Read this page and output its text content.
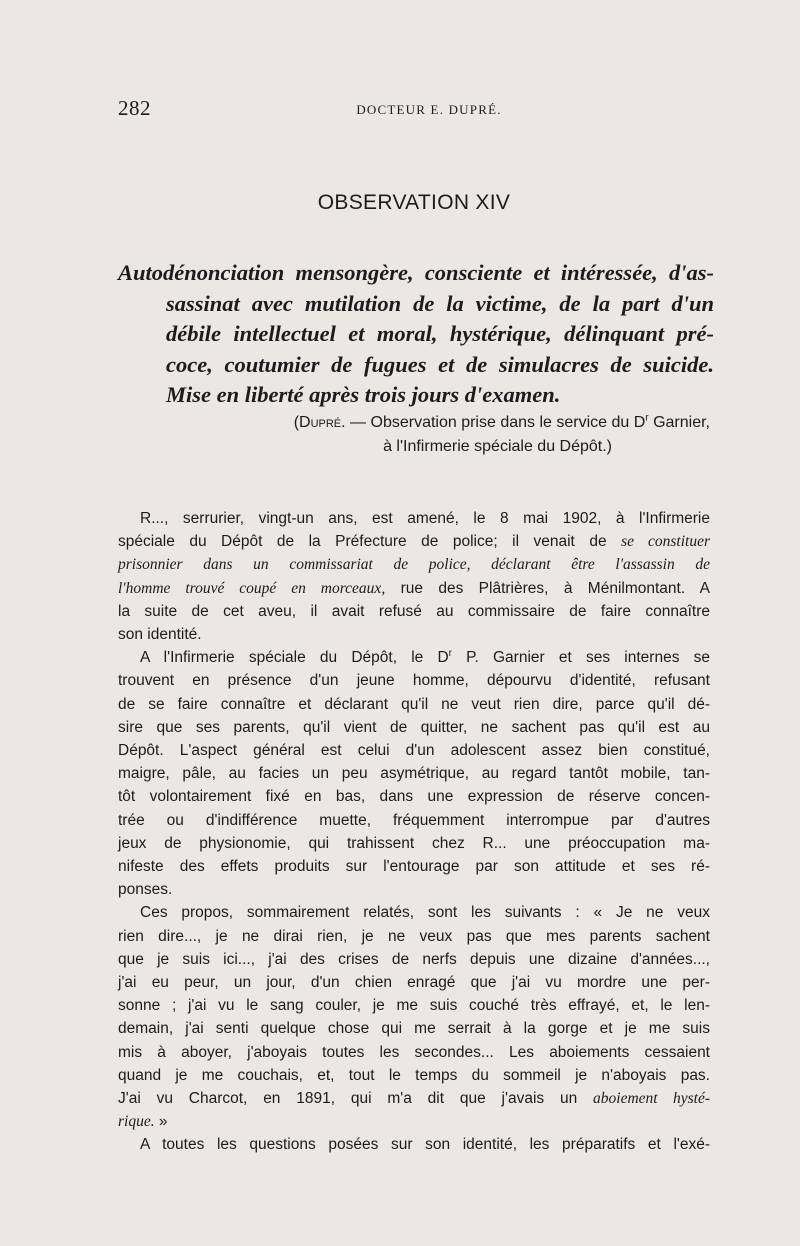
282	DOCTEUR E. DUPRÉ.
OBSERVATION XIV
Autodénonciation mensongère, consciente et intéressée, d'as-
sassinat avec mutilation de la victime, de la part d'un
débile intellectuel et moral, hystérique, délinquant pré-
coce, coutumier de fugues et de simulacres de suicide.
Mise en liberté après trois jours d'examen.
(Dupré. — Observation prise dans le service du $D^r$ Garnier,
à l'Infirmerie spéciale du Dépôt.)
R..., serrurier, vingt-un ans, est amené, le 8 mai 1902, à l'Infirmerie
spéciale du Dépôt de la Préfecture de police; il venait de se constituer
prisonnier dans un commissariat de police, déclarant être l'assassin de
l'homme trouvé coupé en morceaux, rue des Plâtrières, à Ménilmontant. A
la suite de cet aveu, il avait refusé au commissaire de faire connaître
son identité.
A l'Infirmerie spéciale du Dépôt, le $D^r$ P. Garnier et ses internes se
trouvent en présence d'un jeune homme, dépourvu d'identité, refusant
de se faire connaître et déclarant qu'il ne veut rien dire, parce qu'il dé-
sire que ses parents, qu'il vient de quitter, ne sachent pas qu'il est au
Dépôt. L'aspect général est celui d'un adolescent assez bien constitué,
maigre, pâle, au facies un peu asymétrique, au regard tantôt mobile, tan-
tôt volontairement fixé en bas, dans une expression de réserve concen-
trée ou d'indifférence muette, fréquemment interrompue par d'autres
jeux de physionomie, qui trahissent chez R... une préoccupation ma-
nifeste des effets produits sur l'entourage par son attitude et ses ré-
ponses.
Ces propos, sommairement relatés, sont les suivants : « Je ne veux
rien dire..., je ne dirai rien, je ne veux pas que mes parents sachent
que je suis ici..., j'ai des crises de nerfs depuis une dizaine d'années...,
j'ai eu peur, un jour, d'un chien enragé que j'ai vu mordre une per-
sonne ; j'ai vu le sang couler, je me suis couché très effrayé, et, le len-
demain, j'ai senti quelque chose qui me serrait à la gorge et je me suis
mis à aboyer, j'aboyais toutes les secondes... Les aboiements cessaient
quand je me couchais, et, tout le temps du sommeil je n'aboyais pas.
J'ai vu Charcot, en 1891, qui m'a dit que j'avais un aboiement hysté-
rique. »
A toutes les questions posées sur son identité, les préparatifs et l'exé-
